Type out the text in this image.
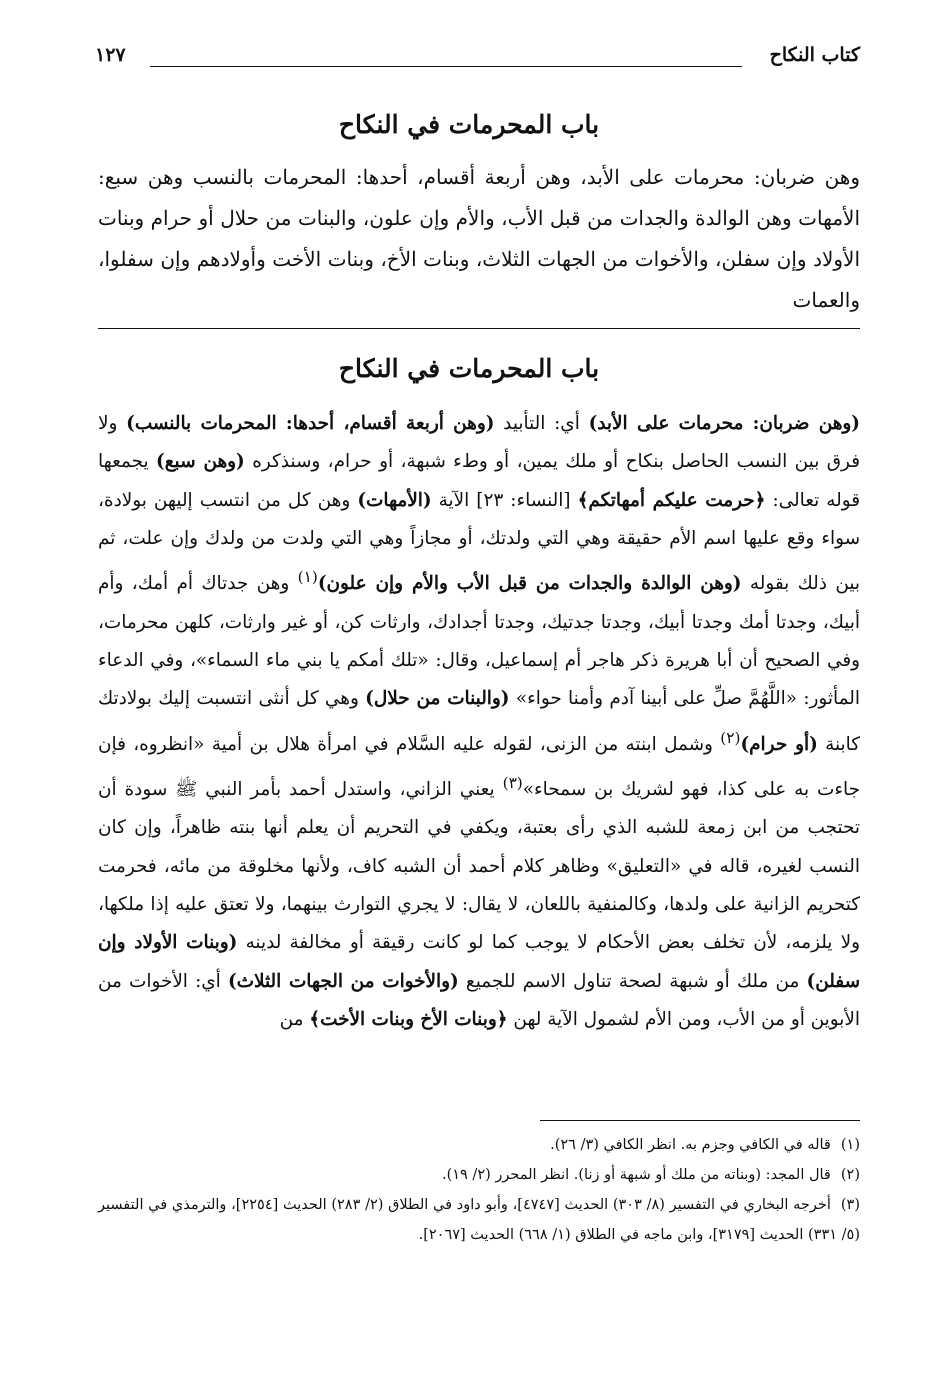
كتاب النكاح
١٢٧
باب المحرمات في النكاح
وهن ضربان: محرمات على الأبد، وهن أربعة أقسام، أحدها: المحرمات بالنسب وهن سبع: الأمهات وهن الوالدة والجدات من قبل الأب، والأم وإن علون، والبنات من حلال أو حرام وبنات الأولاد وإن سفلن، والأخوات من الجهات الثلاث، وبنات الأخ، وبنات الأخت وأولادهم وإن سفلوا، والعمات
باب المحرمات في النكاح
(وهن ضربان: محرمات على الأبد) أي: التأبيد (وهن أربعة أقسام، أحدها: المحرمات بالنسب) ولا فرق بين النسب الحاصل بنكاح أو ملك يمين، أو وطء شبهة، أو حرام، وسنذكره (وهن سبع) يجمعها قوله تعالى: ﴿حرمت عليكم أمهاتكم﴾ [النساء: ٢٣] الآية (الأمهات) وهن كل من انتسب إليهن بولادة، سواء وقع عليها اسم الأم حقيقة وهي التي ولدتك، أو مجازاً وهي التي ولدت من ولدك وإن علت، ثم بين ذلك بقوله (وهن الوالدة والجدات من قبل الأب والأم وإن علون)$^{(١)}$ وهن جدتاك أم أمك، وأم أبيك، وجدتا أمك وجدتا أبيك، وجدتا جدتيك، وجدتا أجدادك، وارثات كن، أو غير وارثات، كلهن محرمات، وفي الصحيح أن أبا هريرة ذكر هاجر أم إسماعيل، وقال: «تلك أمكم يا بني ماء السماء»، وفي الدعاء المأثور: «اللَّهُمَّ صلِّ على أبينا آدم وأمنا حواء» (والبنات من حلال) وهي كل أنثى انتسبت إليك بولادتك كابنة (أو حرام)$^{(٢)}$ وشمل ابنته من الزنى، لقوله عليه السَّلام في امرأة هلال بن أمية «انظروه، فإن جاءت به على كذا، فهو لشريك بن سمحاء»$^{(٣)}$ يعني الزاني، واستدل أحمد بأمر النبي ﷺ سودة أن تحتجب من ابن زمعة للشبه الذي رأى بعتبة، ويكفي في التحريم أن يعلم أنها بنته ظاهراً، وإن كان النسب لغيره، قاله في «التعليق» وظاهر كلام أحمد أن الشبه كاف، ولأنها مخلوقة من مائه، فحرمت كتحريم الزانية على ولدها، وكالمنفية باللعان، لا يقال: لا يجري التوارث بينهما، ولا تعتق عليه إذا ملكها، ولا يلزمه، لأن تخلف بعض الأحكام لا يوجب كما لو كانت رقيقة أو مخالفة لدينه (وبنات الأولاد وإن سفلن) من ملك أو شبهة لصحة تناول الاسم للجميع (والأخوات من الجهات الثلاث) أي: الأخوات من الأبوين أو من الأب، ومن الأم لشمول الآية لهن ﴿وبنات الأخ وبنات الأخت﴾ من
(١)قاله في الكافي وجزم به. انظر الكافي (٣/ ٢٦).
(٢)قال المجد: (وبناته من ملك أو شبهة أو زنا). انظر المحرر (٢/ ١٩).
(٣)أخرجه البخاري في التفسير (٨/ ٣٠٣) الحديث [٤٧٤٧]، وأبو داود في الطلاق (٢/ ٢٨٣) الحديث [٢٢٥٤]، والترمذي في التفسير (٥/ ٣٣١) الحديث [٣١٧٩]، وابن ماجه في الطلاق (١/ ٦٦٨) الحديث [٢٠٦٧].
